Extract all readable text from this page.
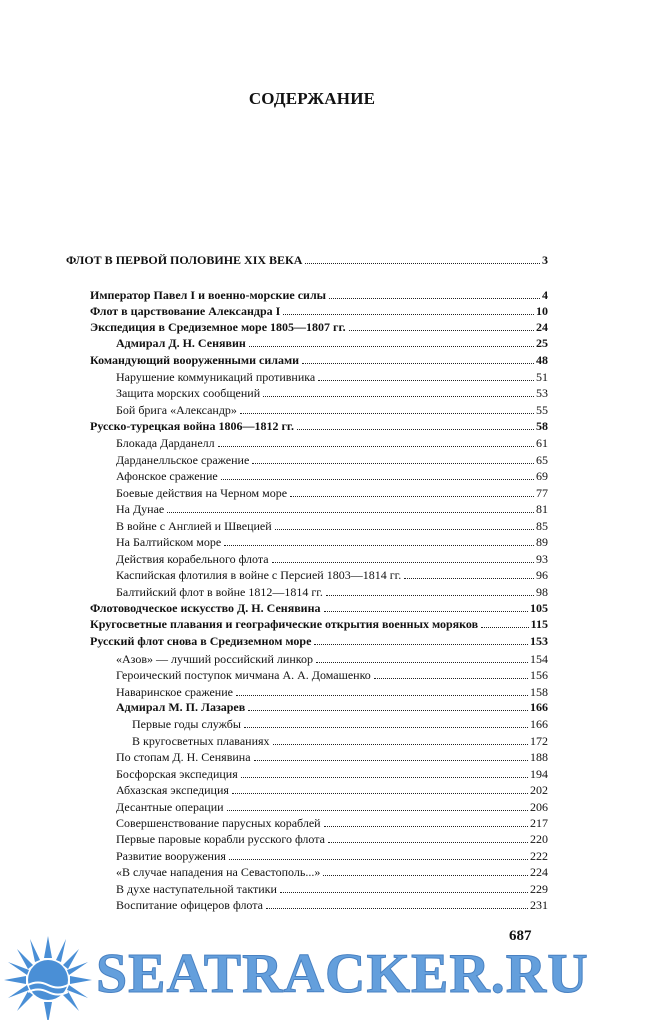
СОДЕРЖАНИЕ
ФЛОТ В ПЕРВОЙ ПОЛОВИНЕ XIX ВЕКА	3
Император Павел I и военно-морские силы	4
Флот в царствование Александра I	10
Экспедиция в Средиземное море 1805—1807 гг.	24
Адмирал Д. Н. Сенявин	25
Командующий вооруженными силами	48
Нарушение коммуникаций противника	51
Защита морских сообщений	53
Бой брига «Александр»	55
Русско-турецкая война 1806—1812 гг.	58
Блокада Дарданелл	61
Дарданелльское сражение	65
Афонское сражение	69
Боевые действия на Черном море	77
На Дунае	81
В войне с Англией и Швецией	85
На Балтийском море	89
Действия корабельного флота	93
Каспийская флотилия в войне с Персией 1803—1814 гг.	96
Балтийский флот в войне 1812—1814 гг.	98
Флотоводческое искусство Д. Н. Сенявина	105
Кругосветные плавания и географические открытия военных моряков	115
Русский флот снова в Средиземном море	153
«Азов» — лучший российский линкор	154
Героический поступок мичмана А. А. Домашенко	156
Наваринское сражение	158
Адмирал М. П. Лазарев	166
Первые годы службы	166
В кругосветных плаваниях	172
По стопам Д. Н. Сенявина	188
Босфорская экспедиция	194
Абхазская экспедиция	202
Десантные операции	206
Совершенствование парусных кораблей	217
Первые паровые корабли русского флота	220
Развитие вооружения	222
«В случае нападения на Севастополь...»	224
В духе наступательной тактики	229
Воспитание офицеров флота	231
687
SEATRACKER.RU
